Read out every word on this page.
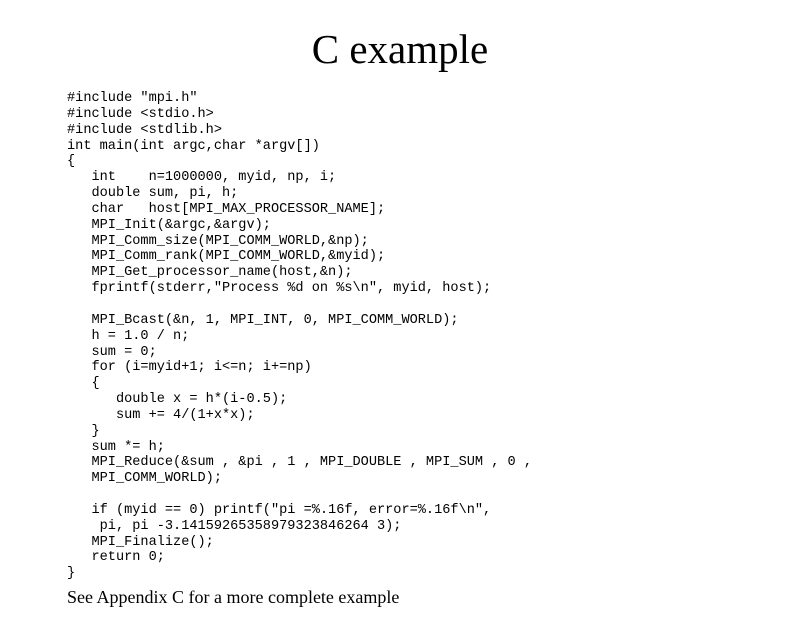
C example
#include "mpi.h"
#include <stdio.h>
#include <stdlib.h>
int main(int argc,char *argv[])
{
int    n=1000000, myid, np, i;
double sum, pi, h;
char   host[MPI_MAX_PROCESSOR_NAME];
MPI_Init(&argc,&argv);
MPI_Comm_size(MPI_COMM_WORLD,&np);
MPI_Comm_rank(MPI_COMM_WORLD,&myid);
MPI_Get_processor_name(host,&n);
fprintf(stderr,"Process %d on %s\n", myid, host);
MPI_Bcast(&n, 1, MPI_INT, 0, MPI_COMM_WORLD);
h = 1.0 / n;
sum = 0;
for (i=myid+1; i<=n; i+=np)
{
double x = h*(i-0.5);
sum += 4/(1+x*x);
}
sum *= h;
MPI_Reduce(&sum , &pi , 1 , MPI_DOUBLE , MPI_SUM , 0 ,
MPI_COMM_WORLD);
if (myid == 0) printf("pi =%.16f, error=%.16f\n",
pi, pi -3.14159265358979323846264 3);
MPI_Finalize();
return 0;
}

See Appendix C for a more complete example
